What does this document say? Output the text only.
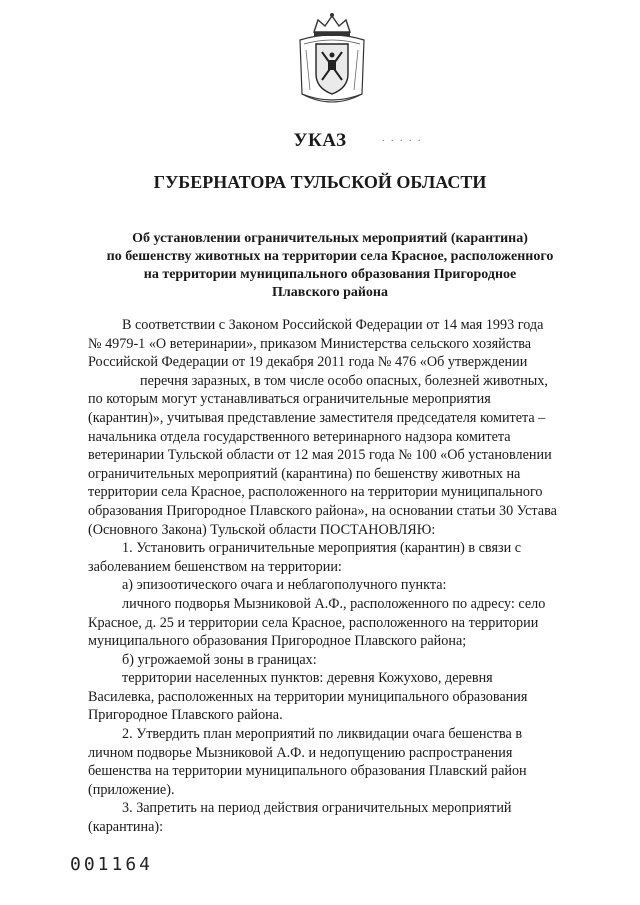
УКАЗ	. . . . .
ГУБЕРНАТОРА ТУЛЬСКОЙ ОБЛАСТИ
Об установлении ограничительных мероприятий (карантина)
по бешенству животных на территории села Красное, расположенного
на территории муниципального образования Пригородное
Плавского района
В соответствии с Законом Российской Федерации от 14 мая 1993 года
№ 4979-1 «О ветеринарии», приказом Министерства сельского хозяйства
Российской Федерации от 19 декабря 2011 года № 476 «Об утверждении
перечня заразных, в том числе особо опасных, болезней животных,
по которым могут устанавливаться ограничительные мероприятия
(карантин)», учитывая представление заместителя председателя комитета –
начальника отдела государственного ветеринарного надзора комитета
ветеринарии Тульской области от 12 мая 2015 года № 100 «Об установлении
ограничительных мероприятий (карантина) по бешенству животных на
территории села Красное, расположенного на территории муниципального
образования Пригородное Плавского района», на основании статьи 30 Устава
(Основного Закона) Тульской области ПОСТАНОВЛЯЮ:
1. Установить ограничительные мероприятия (карантин) в связи с
заболеванием бешенством на территории:
а) эпизоотического очага и неблагополучного пункта:
личного подворья Мызниковой А.Ф., расположенного по адресу: село
Красное, д. 25 и территории села Красное, расположенного на территории
муниципального образования Пригородное Плавского района;
б) угрожаемой зоны в границах:
территории населенных пунктов: деревня Кожухово, деревня
Василевка, расположенных на территории муниципального образования
Пригородное Плавского района.
2. Утвердить план мероприятий по ликвидации очага бешенства в
личном подворье Мызниковой А.Ф. и недопущению распространения
бешенства на территории муниципального образования Плавский район
(приложение).
3. Запретить на период действия ограничительных мероприятий
(карантина):
001164
